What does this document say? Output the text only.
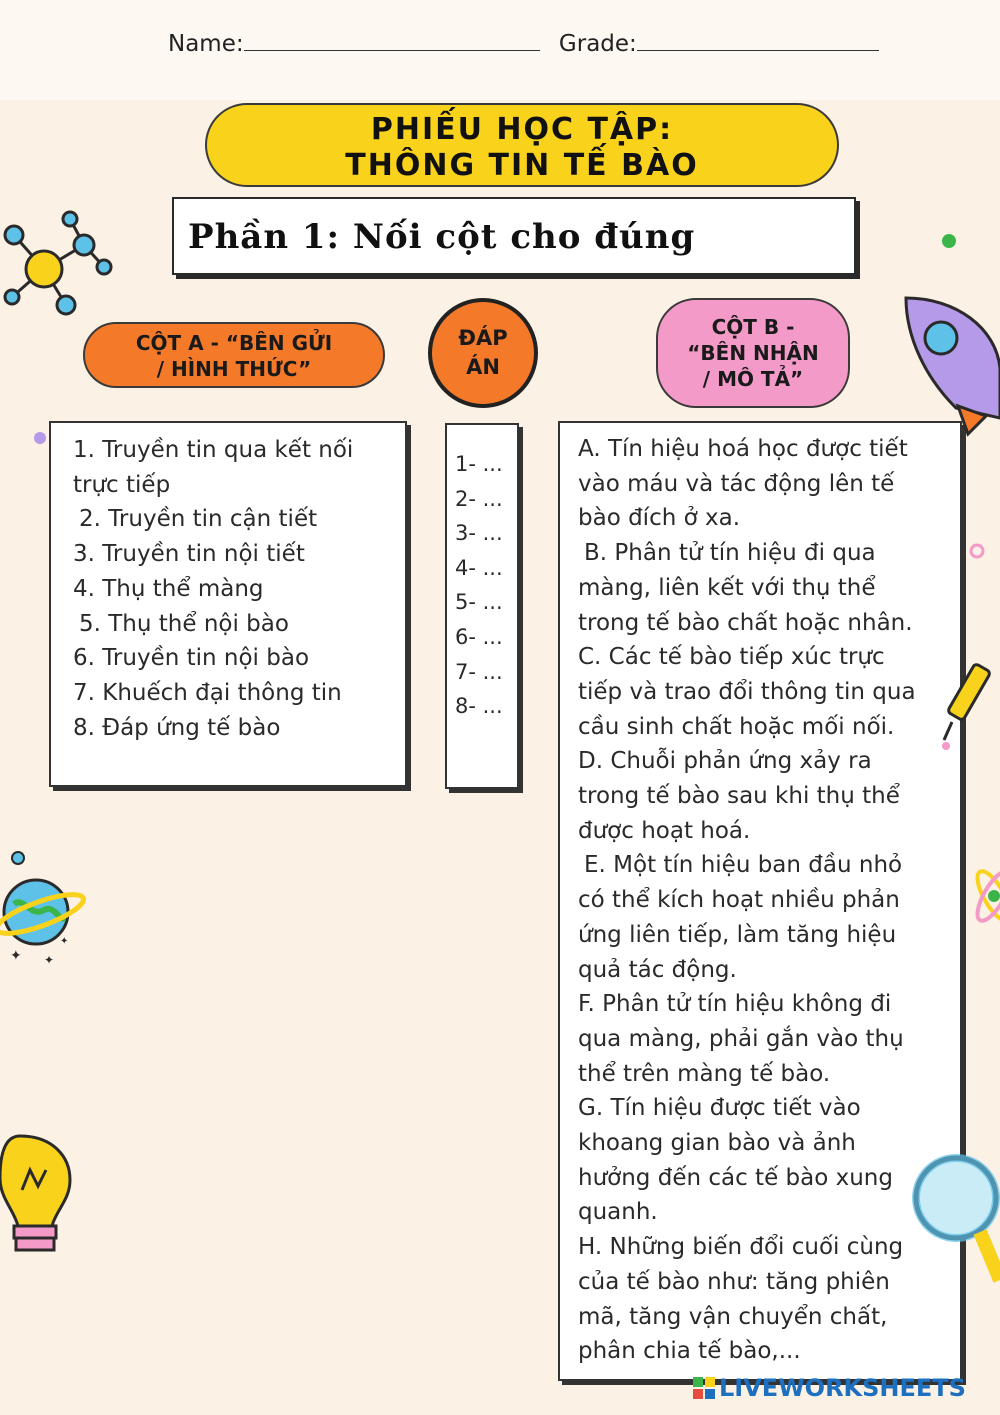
Name:	Grade:
PHIẾU HỌC TẬP:
THÔNG TIN TẾ BÀO
Phần 1: Nối cột cho đúng
CỘT A - “BÊN GỬI
/ HÌNH THỨC”
ĐÁP
ÁN
CỘT B -
“BÊN NHẬN
/ MÔ TẢ”
1. Truyền tin qua kết nối
trực tiếp
2. Truyền tin cận tiết
3. Truyền tin nội tiết
4. Thụ thể màng
5. Thụ thể nội bào
6. Truyền tin nội bào
7. Khuếch đại thông tin
8. Đáp ứng tế bào
1- ...
2- ...
3- ...
4- ...
5- ...
6- ...
7- ...
8- ...
A. Tín hiệu hoá học được tiết
vào máu và tác động lên tế
bào đích ở xa.
B. Phân tử tín hiệu đi qua
màng, liên kết với thụ thể
trong tế bào chất hoặc nhân.
C. Các tế bào tiếp xúc trực
tiếp và trao đổi thông tin qua
cầu sinh chất hoặc mối nối.
D. Chuỗi phản ứng xảy ra
trong tế bào sau khi thụ thể
được hoạt hoá.
E. Một tín hiệu ban đầu nhỏ
có thể kích hoạt nhiều phản
ứng liên tiếp, làm tăng hiệu
quả tác động.
F. Phân tử tín hiệu không đi
qua màng, phải gắn vào thụ
thể trên màng tế bào.
G. Tín hiệu được tiết vào
khoang gian bào và ảnh
hưởng đến các tế bào xung
quanh.
H. Những biến đổi cuối cùng
của tế bào như: tăng phiên
mã, tăng vận chuyển chất,
phân chia tế bào,...
✦ ✦
✦
LIVEWORKSHEETS
